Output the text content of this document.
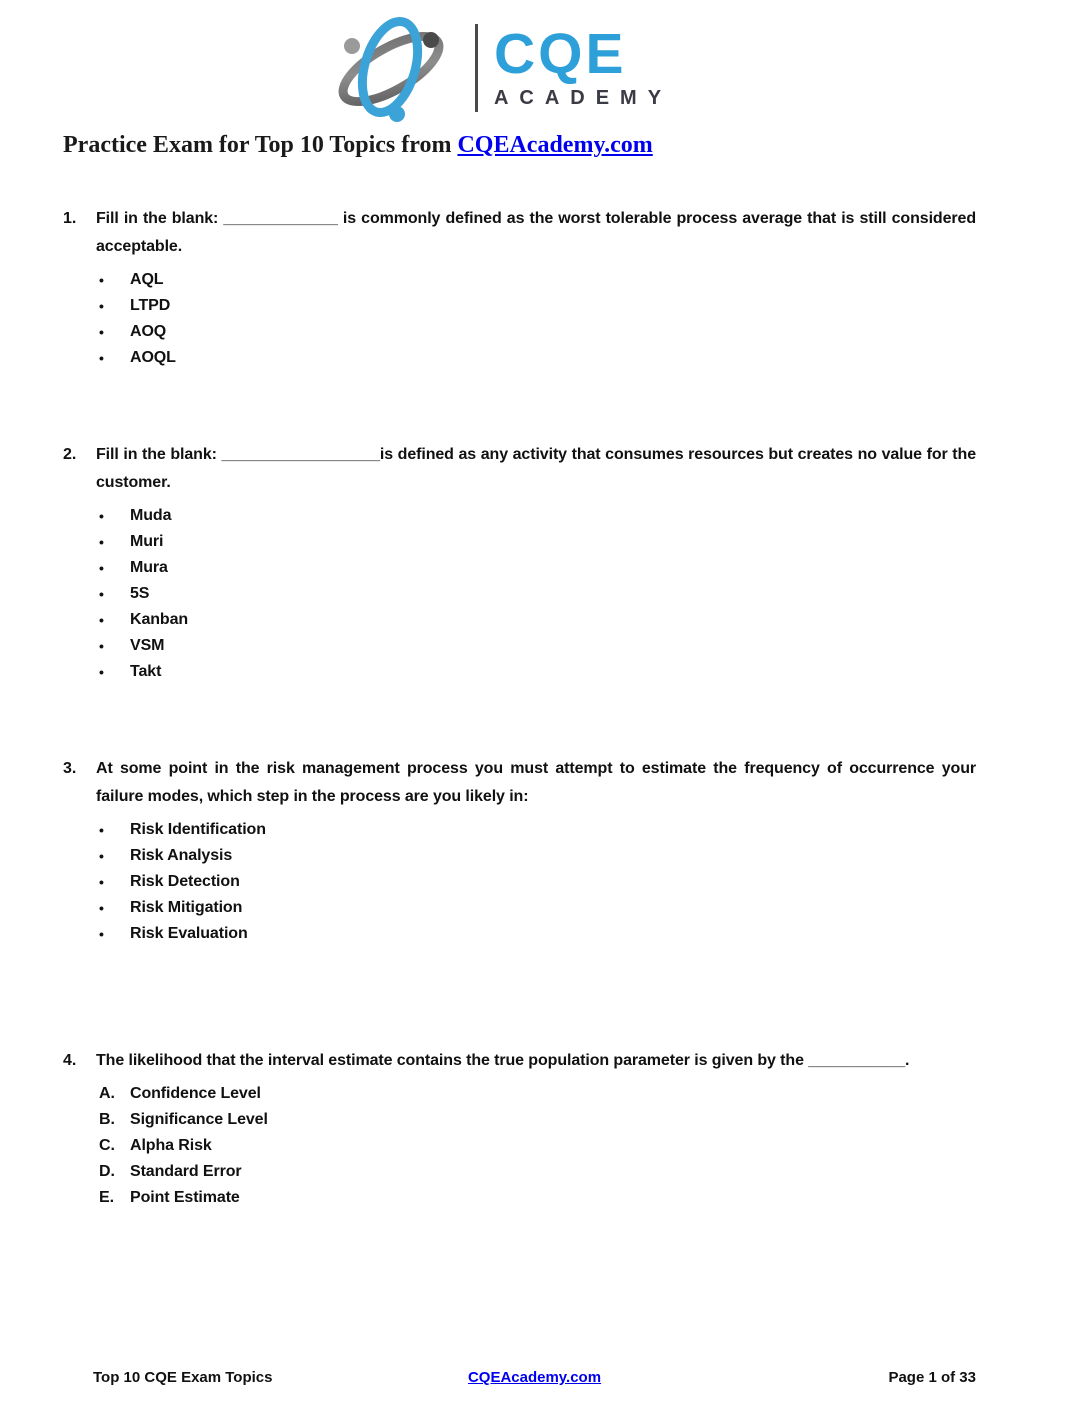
CQE
ACADEMY
Practice Exam for Top 10 Topics from CQEAcademy.com
1.	Fill in the blank: _____________ is commonly defined as the worst tolerable process average that is still considered acceptable.

•	AQL
•	LTPD
•	AOQ
•	AOQL
2.	Fill in the blank: __________________is defined as any activity that consumes resources but creates no value for the customer.

•	Muda
•	Muri
•	Mura
•	5S
•	Kanban
•	VSM
•	Takt
3.	At some point in the risk management process you must attempt to estimate the frequency of occurrence your failure modes, which step in the process are you likely in:

•	Risk Identification
•	Risk Analysis
•	Risk Detection
•	Risk Mitigation
•	Risk Evaluation
4.	The likelihood that the interval estimate contains the true population parameter is given by the ___________.

A. Confidence Level
B. Significance Level
C. Alpha Risk
D. Standard Error
E. Point Estimate
Top 10 CQE Exam Topics	CQEAcademy.com	Page 1 of 33
